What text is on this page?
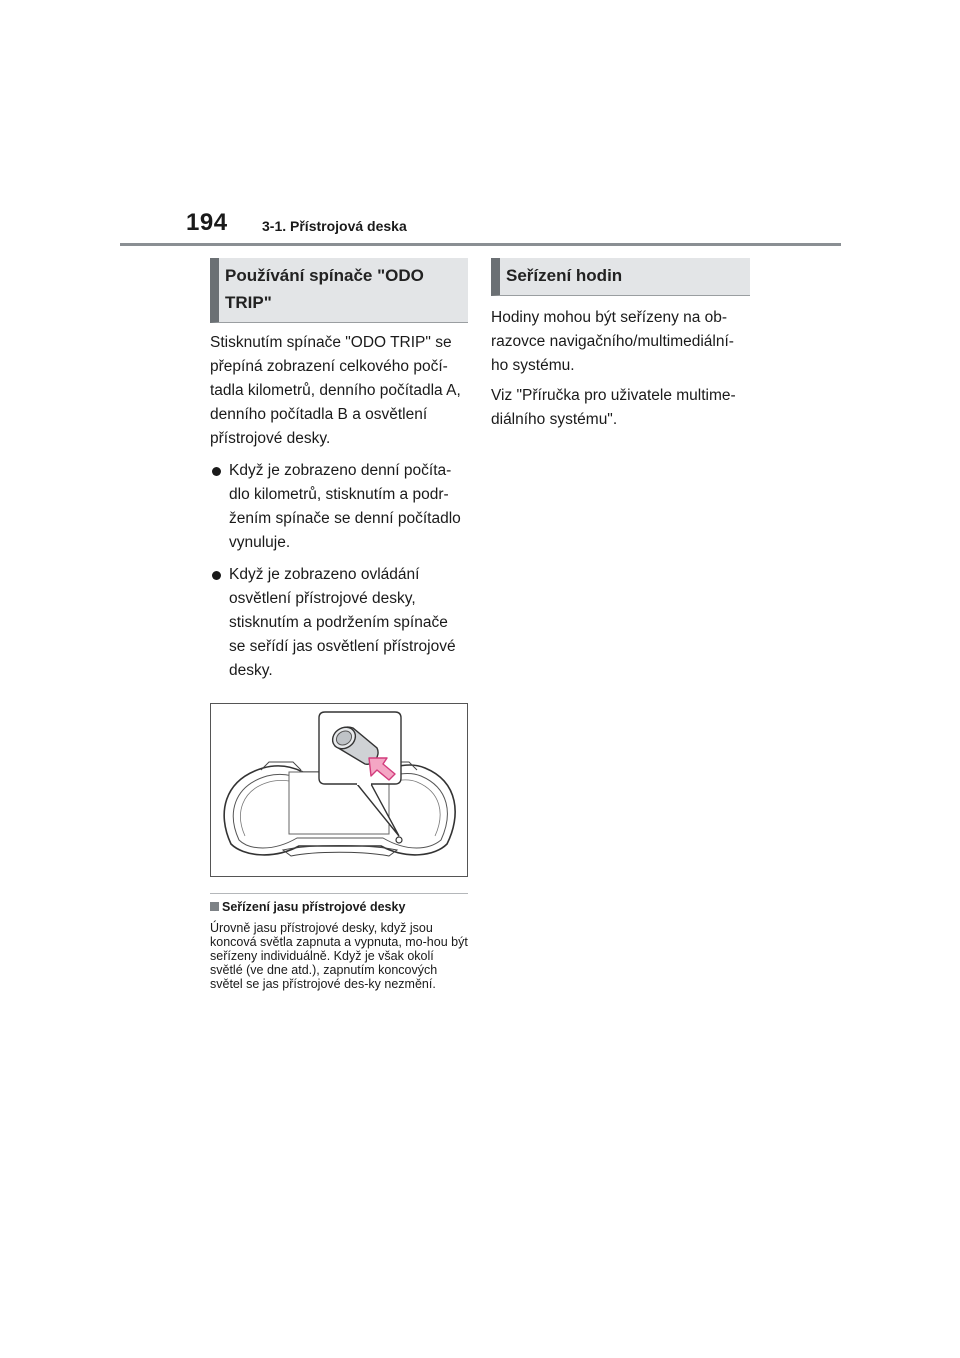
194 3-1. Přístrojová deska
Používání spínače "ODO TRIP"

Stisknutím spínače "ODO TRIP" se přepíná zobrazení celkového počí-tadla kilometrů, denního počítadla A, denního počítadla B a osvětlení přístrojové desky.

Když je zobrazeno denní počíta-dlo kilometrů, stisknutím a podr-žením spínače se denní počítadlo vynuluje.
Když je zobrazeno ovládání osvětlení přístrojové desky, stisknutím a podržením spínače se seřídí jas osvětlení přístrojové desky.
Seřízení jasu přístrojové desky
Úrovně jasu přístrojové desky, když jsou koncová světla zapnuta a vypnuta, mo-hou být seřízeny individuálně. Když je však okolí světlé (ve dne atd.), zapnutím koncových světel se jas přístrojové des-ky nezmění.
Seřízení hodin

Hodiny mohou být seřízeny na ob-razovce navigačního/multimediální-ho systému.

Viz "Příručka pro uživatele multime-diálního systému".
